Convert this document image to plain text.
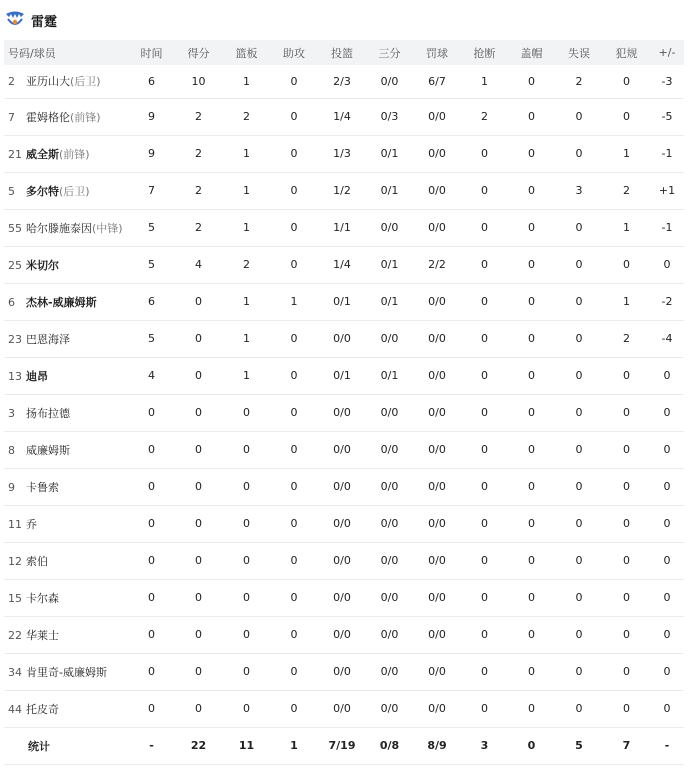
雷霆
号码/球员	时间	得分	篮板	助攻	投篮	三分	罚球	抢断	盖帽	失误	犯规	+/-
2 亚历山大(后卫)	6	10	1	0	2/3	0/0	6/7	1	0	2	0	-3
7 霍姆格伦(前锋)	9	2	2	0	1/4	0/3	0/0	2	0	0	0	-5
21 威全斯(前锋)	9	2	1	0	1/3	0/1	0/0	0	0	0	1	-1
5 多尔特(后卫)	7	2	1	0	1/2	0/1	0/0	0	0	3	2	+1
55 哈尔滕施泰因(中锋)	5	2	1	0	1/1	0/0	0/0	0	0	0	1	-1
25 米切尔	5	4	2	0	1/4	0/1	2/2	0	0	0	0	0
6 杰林-威廉姆斯	6	0	1	1	0/1	0/1	0/0	0	0	0	1	-2
23 巴恩海泽	5	0	1	0	0/0	0/0	0/0	0	0	0	2	-4
13 迪昂	4	0	1	0	0/1	0/1	0/0	0	0	0	0	0
3 扬布拉德	0	0	0	0	0/0	0/0	0/0	0	0	0	0	0
8 威廉姆斯	0	0	0	0	0/0	0/0	0/0	0	0	0	0	0
9 卡鲁索	0	0	0	0	0/0	0/0	0/0	0	0	0	0	0
11 乔	0	0	0	0	0/0	0/0	0/0	0	0	0	0	0
12 索伯	0	0	0	0	0/0	0/0	0/0	0	0	0	0	0
15 卡尔森	0	0	0	0	0/0	0/0	0/0	0	0	0	0	0
22 华莱士	0	0	0	0	0/0	0/0	0/0	0	0	0	0	0
34 肯里奇-威廉姆斯	0	0	0	0	0/0	0/0	0/0	0	0	0	0	0
44 托皮奇	0	0	0	0	0/0	0/0	0/0	0	0	0	0	0
统计	-	22	11	1	7/19	0/8	8/9	3	0	5	7	-
